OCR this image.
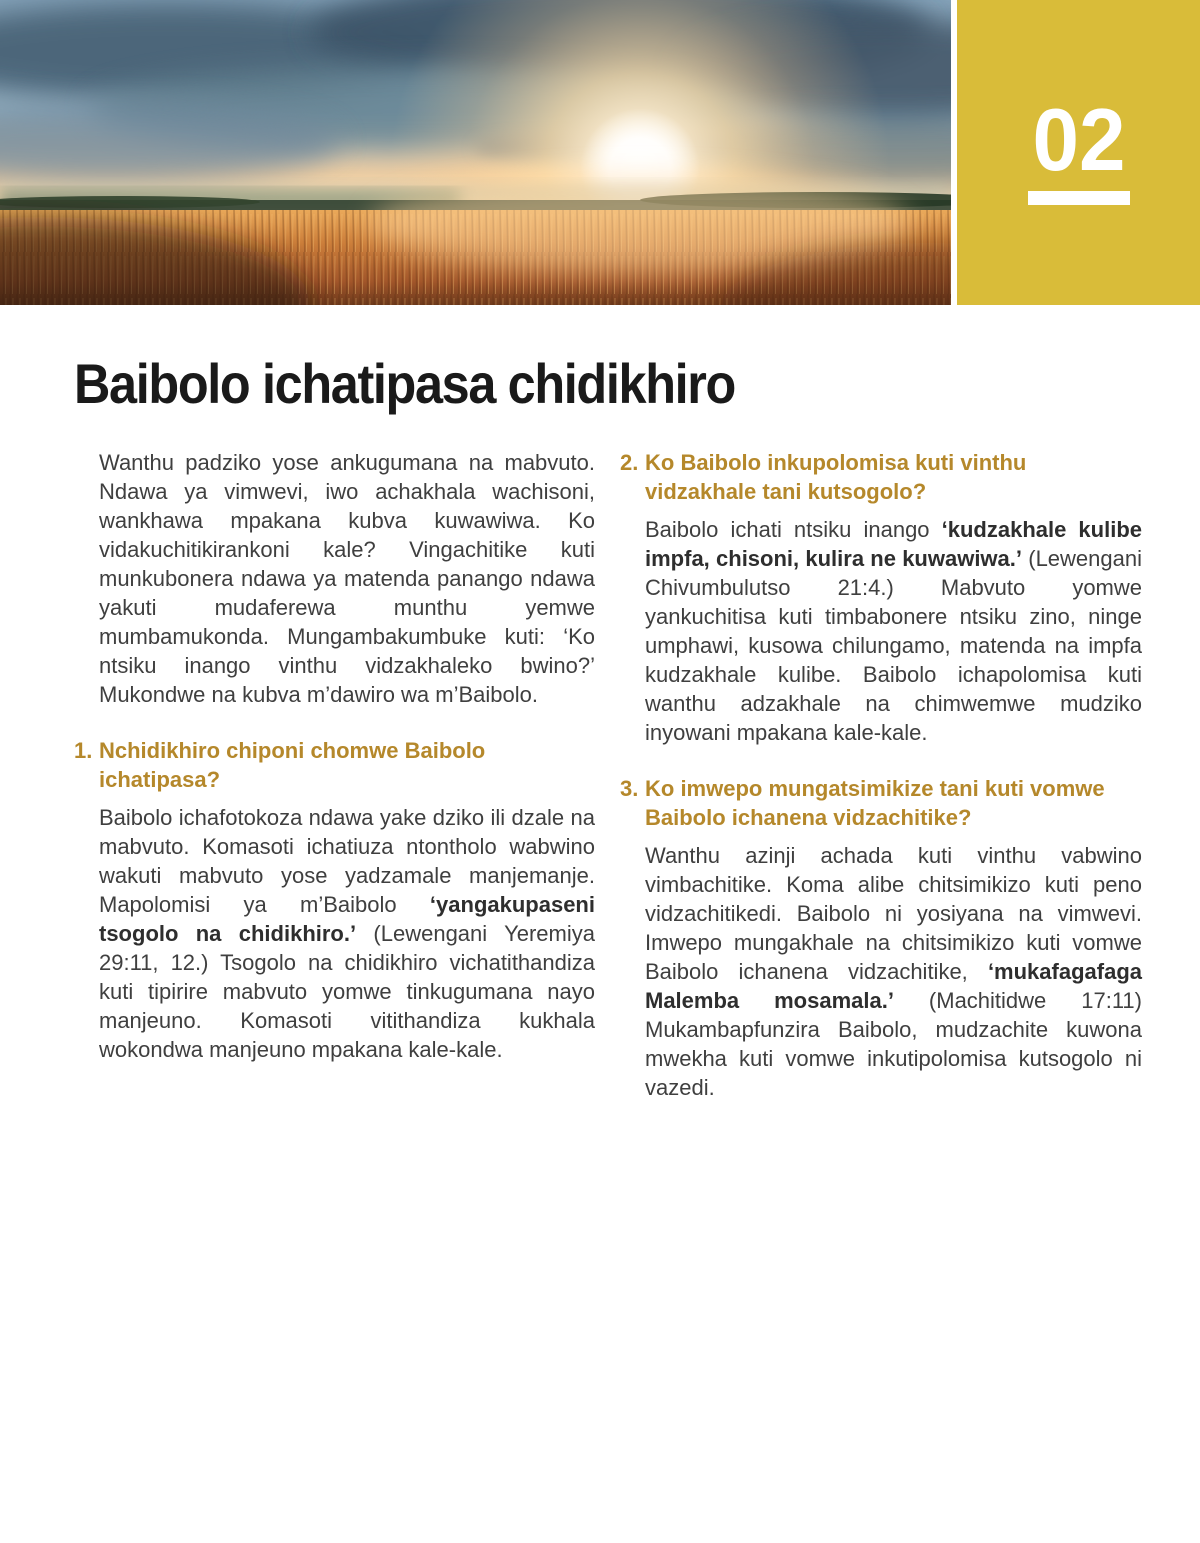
02
Baibolo ichatipasa chidikhiro

Wanthu padziko yose ankugumana na mabvuto. Ndawa ya vimwevi, iwo achakhala wachisoni, wankhawa mpakana kubva kuwawiwa. Ko vidakuchitikirankoni kale? Vingachitike kuti munkubonera ndawa ya matenda panango ndawa yakuti mudaferewa munthu yemwe mumbamukonda. Mungambakumbuke kuti: ‘Ko ntsiku inango vinthu vidzakhaleko bwino?’ Mukondwe na kubva m’dawiro wa m’Baibolo.

1. Nchidikhiro chiponi chomwe Baibolo ichatipasa?

Baibolo ichafotokoza ndawa yake dziko ili dzale na mabvuto. Komasoti ichatiuza ntontholo wabwino wakuti mabvuto yose yadzamale manjemanje. Mapolomisi ya m’Baibolo ‘yangakupaseni tsogolo na chidikhiro.’ (Lewengani Yeremiya 29:11, 12.) Tsogolo na chidikhiro vichatithandiza kuti tipirire mabvuto yomwe tinkugumana nayo manjeuno. Komasoti vitithandiza kukhala wokondwa manjeuno mpakana kale-kale.

2. Ko Baibolo inkupolomisa kuti vinthu vidzakhale tani kutsogolo?

Baibolo ichati ntsiku inango ‘kudzakhale kulibe impfa, chisoni, kulira ne kuwawiwa.’ (Lewengani Chivumbulutso 21:4.) Mabvuto yomwe yankuchitisa kuti timbabonere ntsiku zino, ninge umphawi, kusowa chilungamo, matenda na impfa kudzakhale kulibe. Baibolo ichapolomisa kuti wanthu adzakhale na chimwemwe mudziko inyowani mpakana kale-kale.

3. Ko imwepo mungatsimikize tani kuti vomwe Baibolo ichanena vidzachitike?

Wanthu azinji achada kuti vinthu vabwino vimbachitike. Koma alibe chitsimikizo kuti peno vidzachitikedi. Baibolo ni yosiyana na vimwevi. Imwepo mungakhale na chitsimikizo kuti vomwe Baibolo ichanena vidzachitike, ‘mukafagafaga Malemba mosamala.’ (Machitidwe 17:11) Mukambapfunzira Baibolo, mudzachite kuwona mwekha kuti vomwe inkutipolomisa kutsogolo ni vazedi.
